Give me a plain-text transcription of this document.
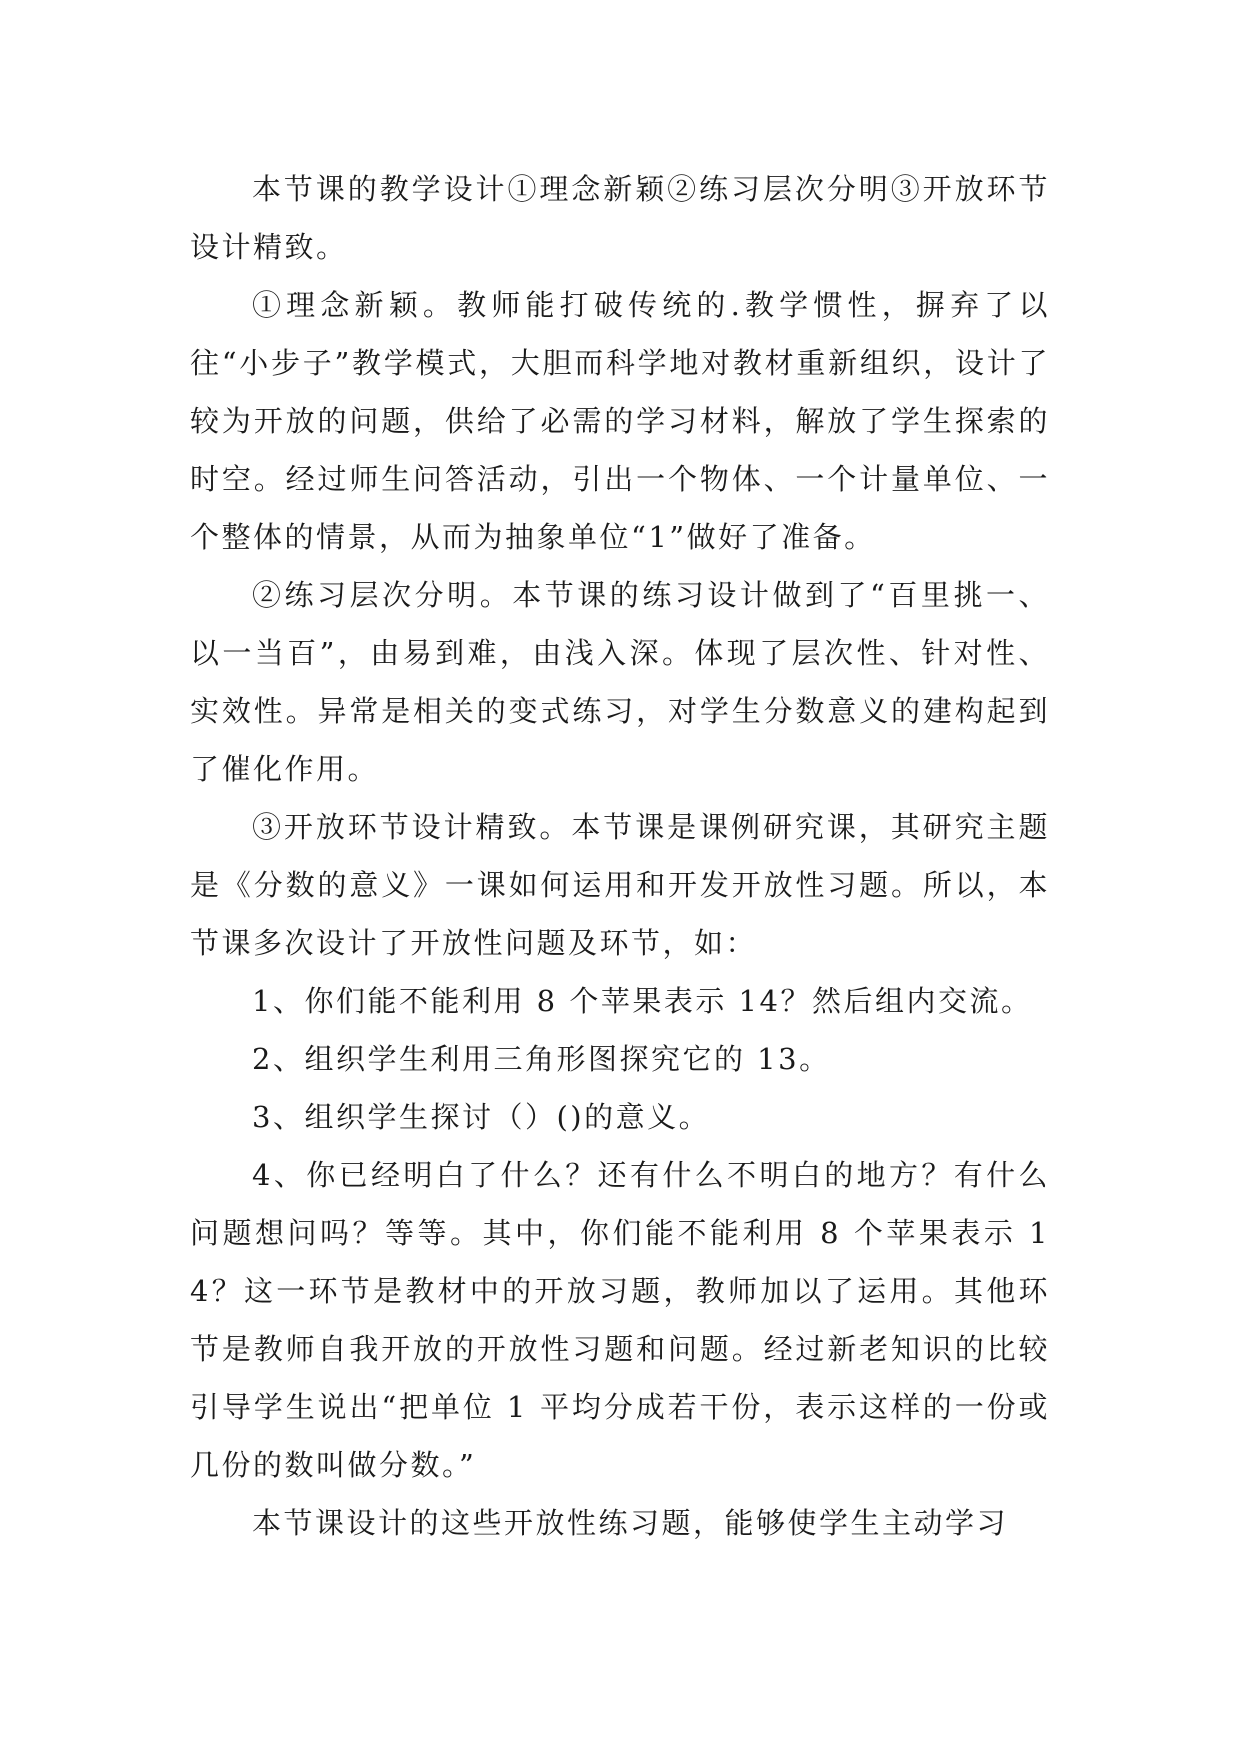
本节课的教学设计①理念新颖②练习层次分明③开放环节设计精致。

①理念新颖。教师能打破传统的.教学惯性，摒弃了以往“小步子”教学模式，大胆而科学地对教材重新组织，设计了较为开放的问题，供给了必需的学习材料，解放了学生探索的时空。经过师生问答活动，引出一个物体、一个计量单位、一个整体的情景，从而为抽象单位“1”做好了准备。

②练习层次分明。本节课的练习设计做到了“百里挑一、以一当百”，由易到难，由浅入深。体现了层次性、针对性、实效性。异常是相关的变式练习，对学生分数意义的建构起到了催化作用。

③开放环节设计精致。本节课是课例研究课，其研究主题是《分数的意义》一课如何运用和开发开放性习题。所以，本节课多次设计了开放性问题及环节，如：

1、你们能不能利用 8 个苹果表示 14？然后组内交流。

2、组织学生利用三角形图探究它的 13。

3、组织学生探讨（）()的意义。

4、你已经明白了什么？还有什么不明白的地方？有什么问题想问吗？等等。其中，你们能不能利用 8 个苹果表示 14？这一环节是教材中的开放习题，教师加以了运用。其他环节是教师自我开放的开放性习题和问题。经过新老知识的比较引导学生说出“把单位 1 平均分成若干份，表示这样的一份或几份的数叫做分数。”

本节课设计的这些开放性练习题，能够使学生主动学习
